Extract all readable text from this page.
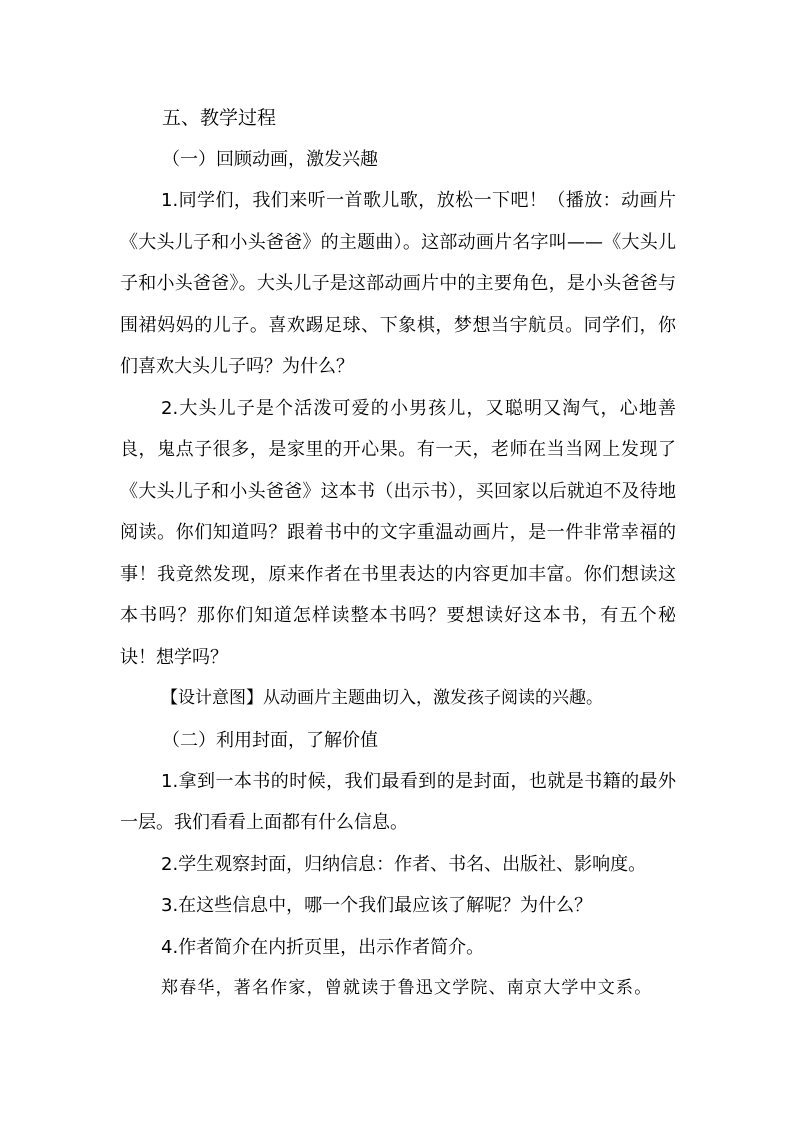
五、教学过程
（一）回顾动画，激发兴趣

1.同学们，我们来听一首歌儿歌，放松一下吧！（播放：动画片《大头儿子和小头爸爸》的主题曲）。这部动画片名字叫——《大头儿子和小头爸爸》。大头儿子是这部动画片中的主要角色，是小头爸爸与围裙妈妈的儿子。喜欢踢足球、下象棋，梦想当宇航员。同学们，你们喜欢大头儿子吗？为什么？

2.大头儿子是个活泼可爱的小男孩儿，又聪明又淘气，心地善良，鬼点子很多，是家里的开心果。有一天，老师在当当网上发现了《大头儿子和小头爸爸》这本书（出示书），买回家以后就迫不及待地阅读。你们知道吗？跟着书中的文字重温动画片，是一件非常幸福的事！我竟然发现，原来作者在书里表达的内容更加丰富。你们想读这本书吗？那你们知道怎样读整本书吗？要想读好这本书，有五个秘诀！想学吗？

【设计意图】从动画片主题曲切入，激发孩子阅读的兴趣。

（二）利用封面，了解价值

1.拿到一本书的时候，我们最看到的是封面，也就是书籍的最外一层。我们看看上面都有什么信息。

2.学生观察封面，归纳信息：作者、书名、出版社、影响度。

3.在这些信息中，哪一个我们最应该了解呢？为什么？

4.作者简介在内折页里，出示作者简介。

郑春华，著名作家，曾就读于鲁迅文学院、南京大学中文系。
